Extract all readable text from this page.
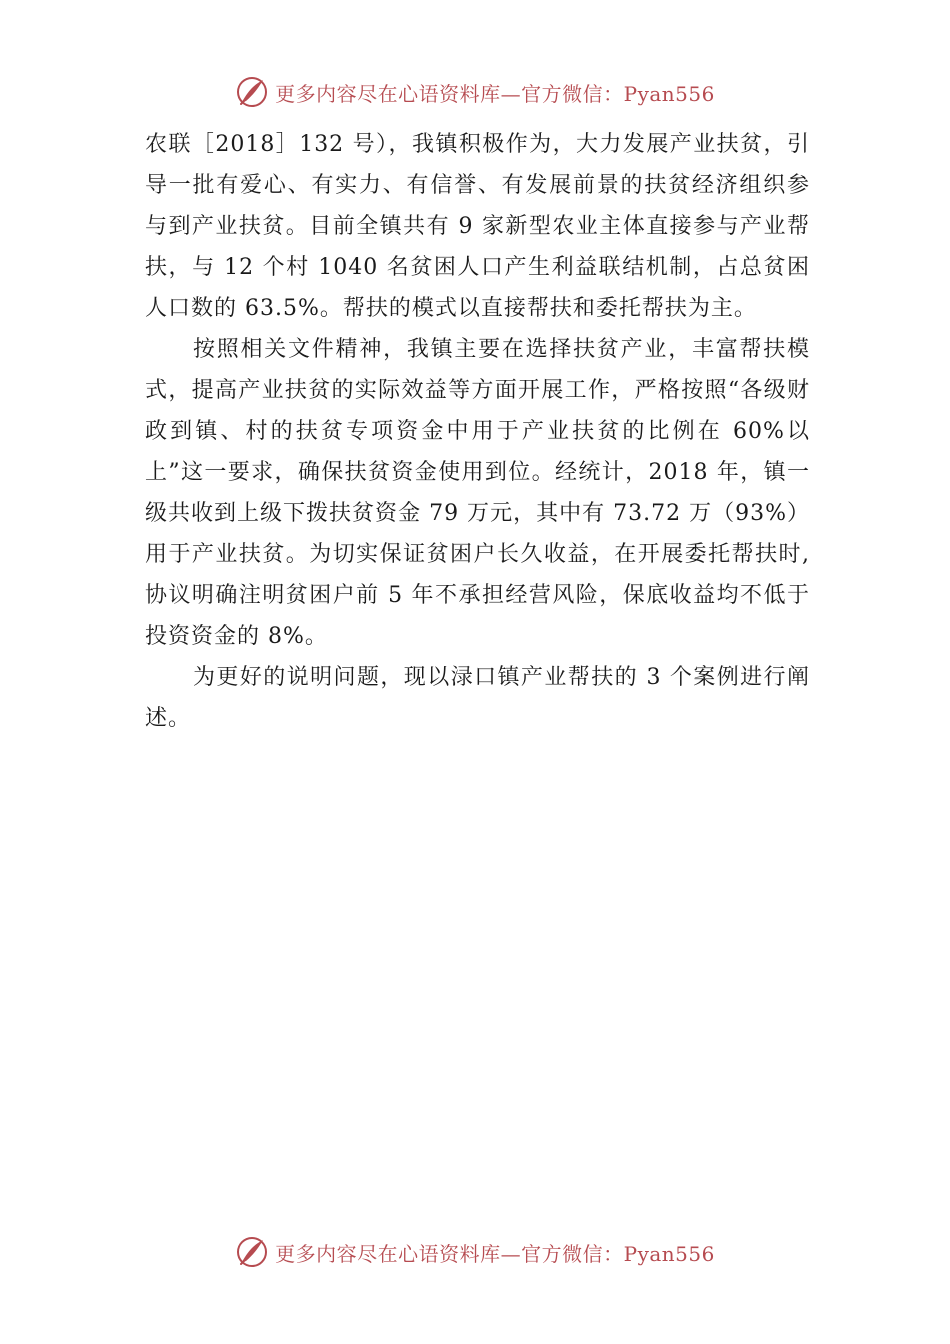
更多内容尽在心语资料库—官方微信：Pyan556

农联［2018］132 号），我镇积极作为，大力发展产业扶贫，引导一批有爱心、有实力、有信誉、有发展前景的扶贫经济组织参与到产业扶贫。目前全镇共有 9 家新型农业主体直接参与产业帮扶，与 12 个村 1040 名贫困人口产生利益联结机制，占总贫困人口数的 63.5%。帮扶的模式以直接帮扶和委托帮扶为主。

按照相关文件精神，我镇主要在选择扶贫产业，丰富帮扶模式，提高产业扶贫的实际效益等方面开展工作，严格按照“各级财政到镇、村的扶贫专项资金中用于产业扶贫的比例在 60%以上”这一要求，确保扶贫资金使用到位。经统计，2018 年，镇一级共收到上级下拨扶贫资金 79 万元，其中有 73.72 万（93%）用于产业扶贫。为切实保证贫困户长久收益，在开展委托帮扶时,协议明确注明贫困户前 5 年不承担经营风险，保底收益均不低于投资资金的 8%。

为更好的说明问题，现以渌口镇产业帮扶的 3 个案例进行阐述。

更多内容尽在心语资料库—官方微信：Pyan556
